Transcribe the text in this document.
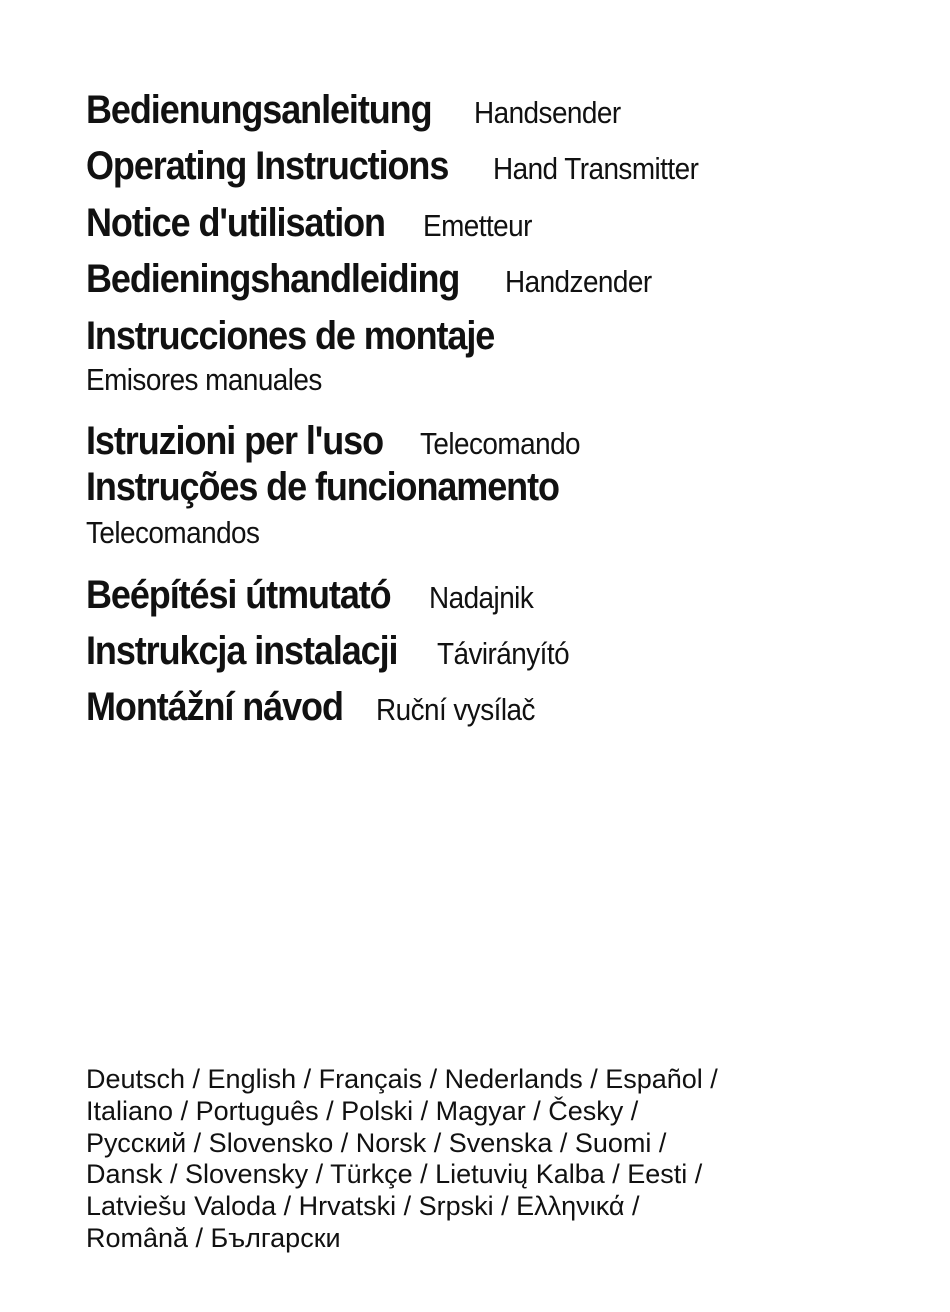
Bedienungsanleitung Handsender
Operating Instructions Hand Transmitter
Notice d'utilisation Emetteur
Bedieningshandleiding Handzender
Instrucciones de montaje
Emisores manuales
Istruzioni per l'uso Telecomando
Instruções de funcionamento
Telecomandos
Beépítési útmutató Nadajnik
Instrukcja instalacji Távirányító
Montážní návod Ruční vysílač
Deutsch / English / Français / Nederlands / Español /
Italiano / Português / Polski / Magyar / Česky /
Русский / Slovensko / Norsk / Svenska / Suomi /
Dansk / Slovensky / Türkçe / Lietuvių Kalba / Eesti /
Latviešu Valoda / Hrvatski / Srpski / Ελληνικά /
Română / Български
